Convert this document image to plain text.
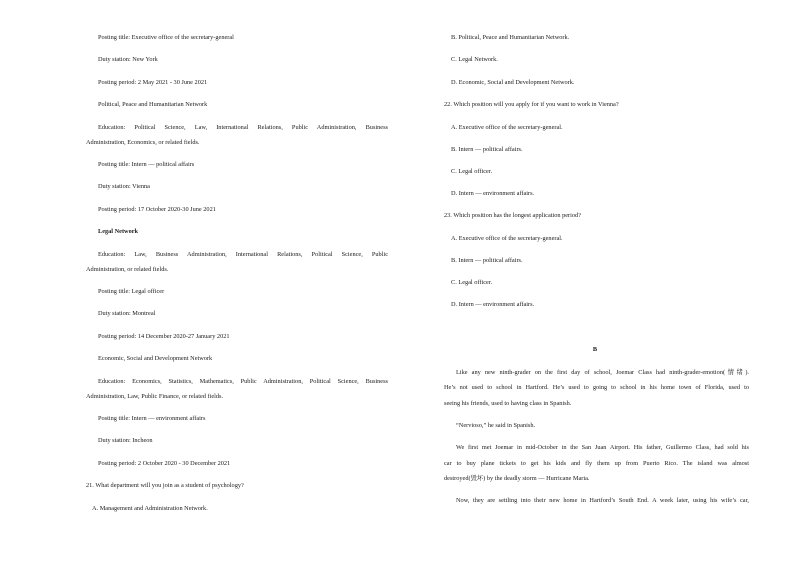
Posting title: Executive office of the secretary-general
Duty station: New York
Posting period: 2 May 2021 - 30 June 2021
Political, Peace and Humanitarian Network
Education: Political Science, Law, International Relations, Public Administration, Business
Administration, Economics, or related fields.
Posting title: Intern — political affairs
Duty station: Vienna
Posting period: 17 October 2020-30 June 2021
Legal Network
Education: Law, Business Administration, International Relations, Political Science, Public
Administration, or related fields.
Posting title: Legal officer
Duty station: Montreal
Posting period: 14 December 2020-27 January 2021
Economic, Social and Development Network
Education: Economics, Statistics, Mathematics, Public Administration, Political Science, Business
Administration, Law, Public Finance, or related fields.
Posting title: Intern — environment affairs
Duty station: Incheon
Posting period: 2 October 2020 - 30 December 2021
21. What department will you join as a student of psychology?
A. Management and Administration Network.
B. Political, Peace and Humanitarian Network.
C. Legal Network.
D. Economic, Social and Development Network.
22. Which position will you apply for if you want to work in Vienna?
A. Executive office of the secretary-general.
B. Intern — political affairs.
C. Legal officer.
D. Intern — environment affairs.
23. Which position has the longest application period?
A. Executive office of the secretary-general.
B. Intern — political affairs.
C. Legal officer.
D. Intern — environment affairs.
B
Like any new ninth-grader on the first day of school, Joemar Class had ninth-grader-emotion(情绪).
He’s not used to school in Hartford. He’s used to going to school in his home town of Florida, used to
seeing his friends, used to having class in Spanish.
“Nervioso,” he said in Spanish.
We first met Joemar in mid-October in the San Juan Airport. His father, Guillermo Class, had sold his
car to buy plane tickets to get his kids and fly them up from Puerto Rico. The island was almost
destroyed(毁坏) by the deadly storm — Hurricane Maria.
Now, they are settling into their new home in Hartford’s South End. A week later, using his wife’s car,
